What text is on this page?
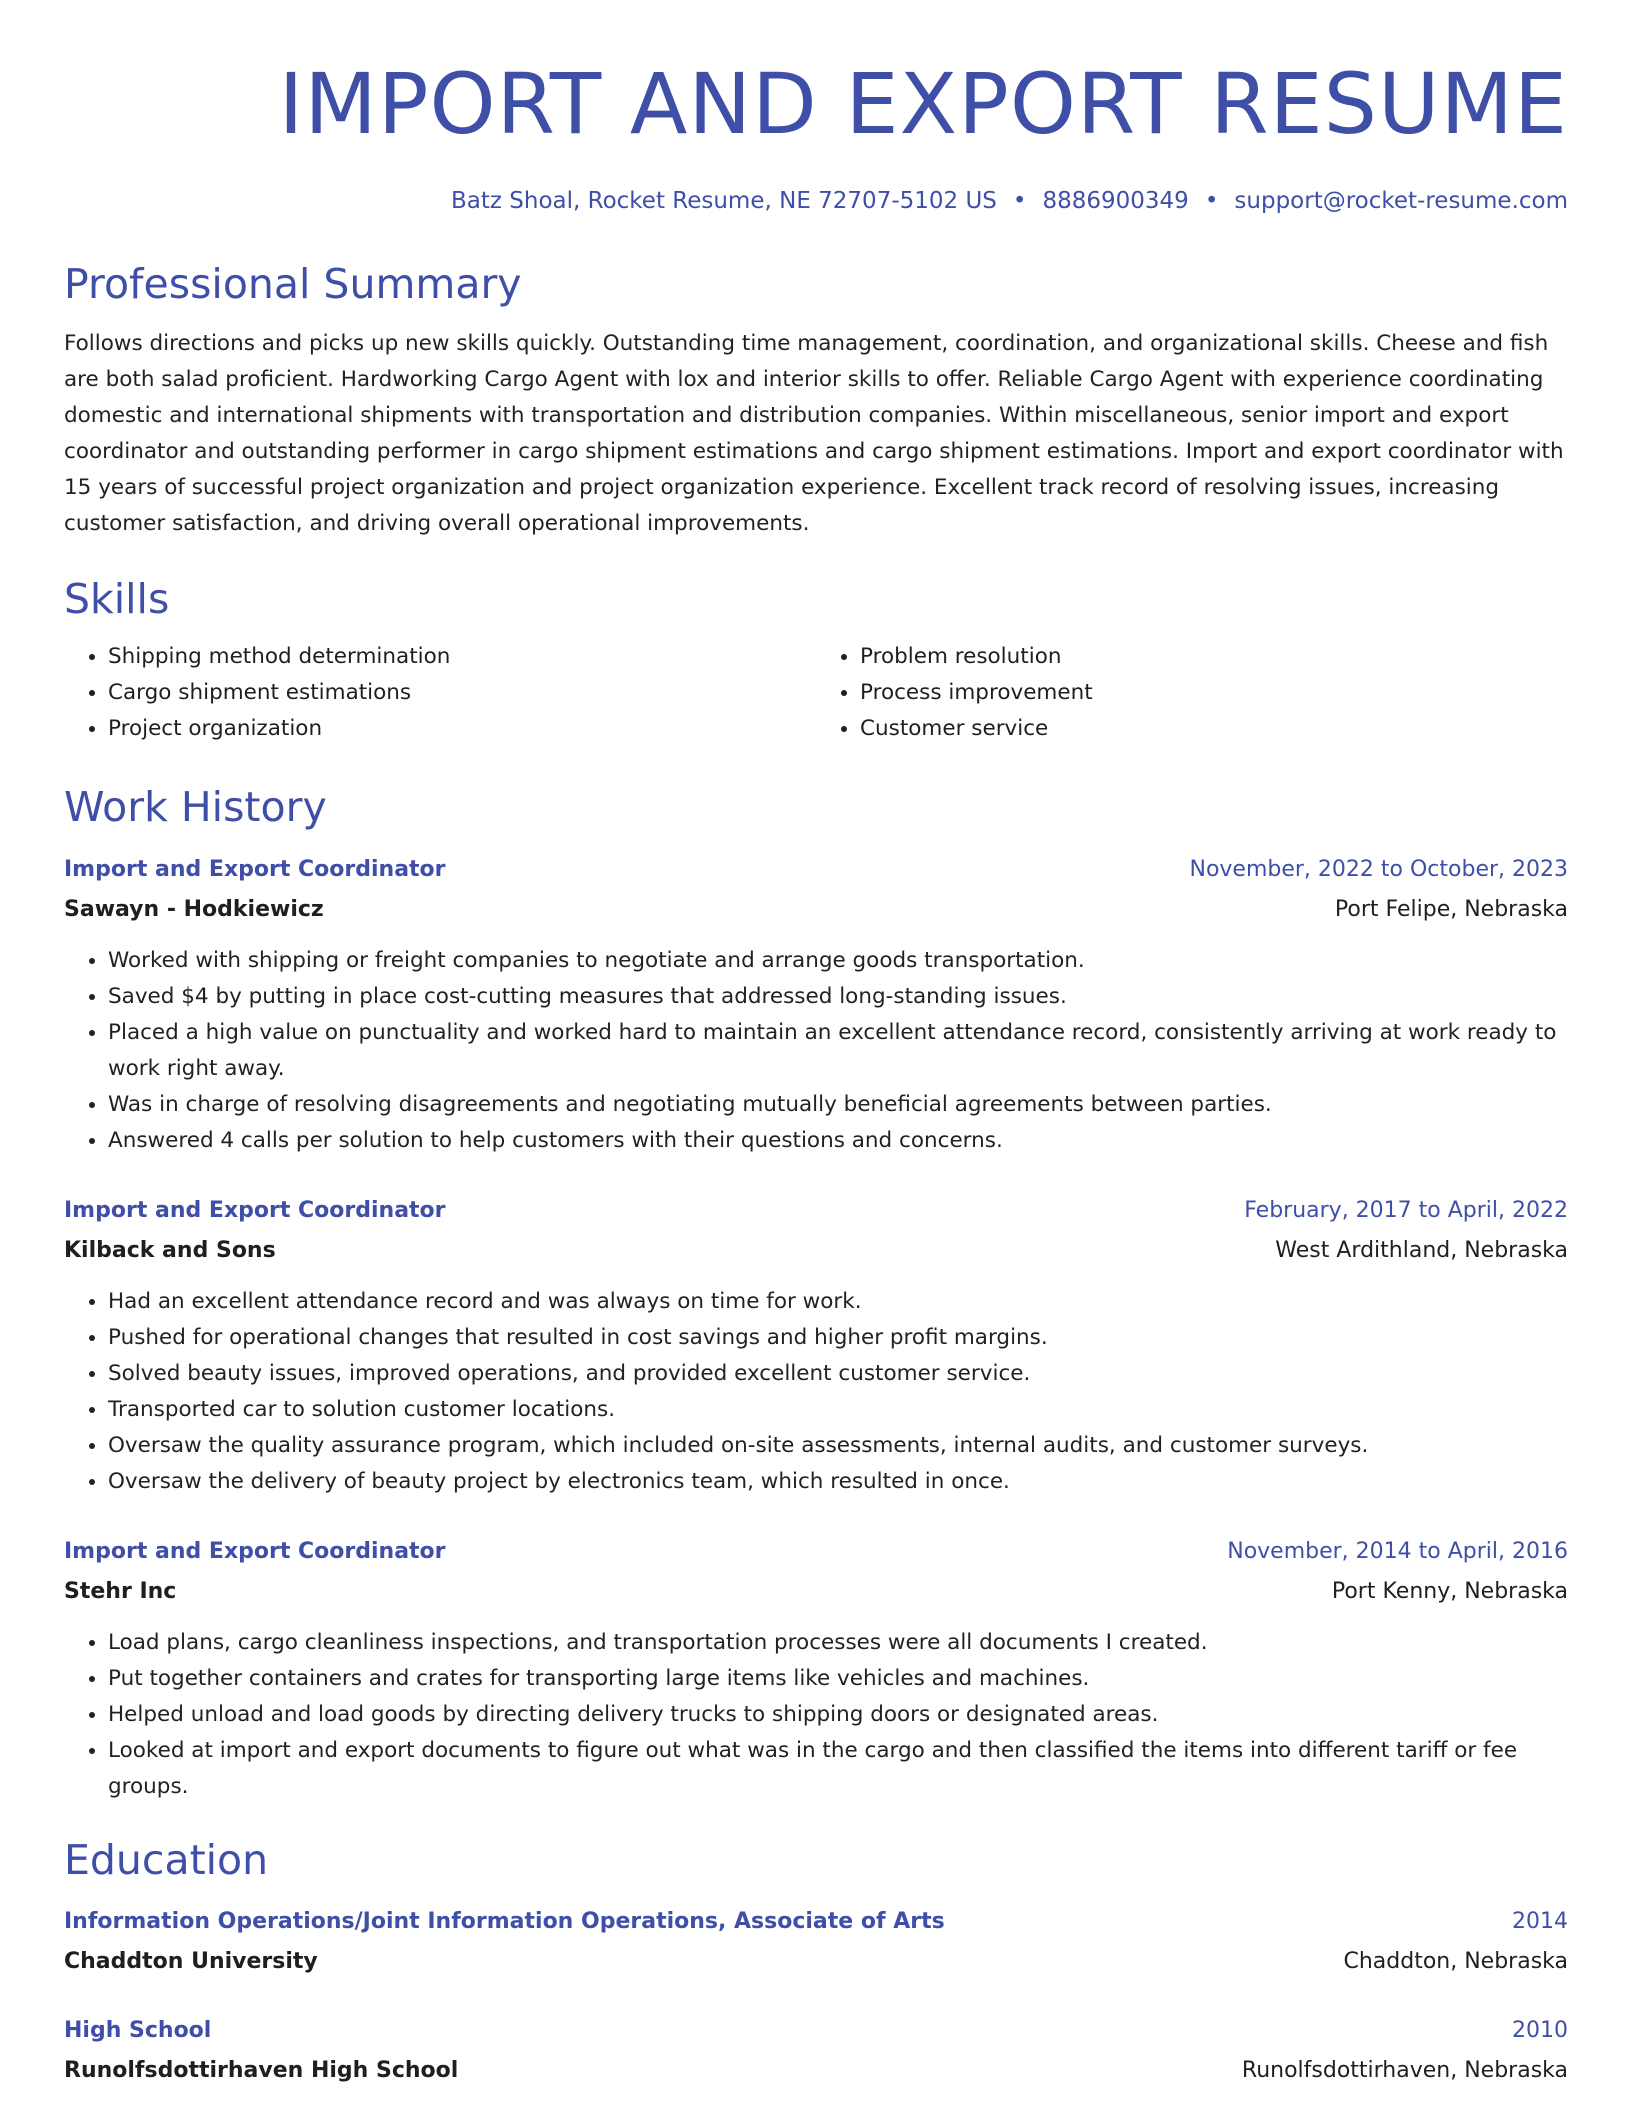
IMPORT AND EXPORT RESUME
Batz Shoal, Rocket Resume, NE 72707-5102 US • 8886900349 • support@rocket-resume.com
Professional Summary

Follows directions and picks up new skills quickly. Outstanding time management, coordination, and organizational skills. Cheese and fish are both salad proficient. Hardworking Cargo Agent with lox and interior skills to offer. Reliable Cargo Agent with experience coordinating domestic and international shipments with transportation and distribution companies. Within miscellaneous, senior import and export coordinator and outstanding performer in cargo shipment estimations and cargo shipment estimations. Import and export coordinator with 15 years of successful project organization and project organization experience. Excellent track record of resolving issues, increasing customer satisfaction, and driving overall operational improvements.

Skills
• Shipping method determination
• Cargo shipment estimations
• Project organization
• Problem resolution
• Process improvement
• Customer service
Work History
Import and Export Coordinator	November, 2022 to October, 2023
Sawayn - Hodkiewicz	Port Felipe, Nebraska
• Worked with shipping or freight companies to negotiate and arrange goods transportation.
• Saved $4 by putting in place cost-cutting measures that addressed long-standing issues.
• Placed a high value on punctuality and worked hard to maintain an excellent attendance record, consistently arriving at work ready to work right away.
• Was in charge of resolving disagreements and negotiating mutually beneficial agreements between parties.
• Answered 4 calls per solution to help customers with their questions and concerns.
Import and Export Coordinator	February, 2017 to April, 2022
Kilback and Sons	West Ardithland, Nebraska
• Had an excellent attendance record and was always on time for work.
• Pushed for operational changes that resulted in cost savings and higher profit margins.
• Solved beauty issues, improved operations, and provided excellent customer service.
• Transported car to solution customer locations.
• Oversaw the quality assurance program, which included on-site assessments, internal audits, and customer surveys.
• Oversaw the delivery of beauty project by electronics team, which resulted in once.
Import and Export Coordinator	November, 2014 to April, 2016
Stehr Inc	Port Kenny, Nebraska
• Load plans, cargo cleanliness inspections, and transportation processes were all documents I created.
• Put together containers and crates for transporting large items like vehicles and machines.
• Helped unload and load goods by directing delivery trucks to shipping doors or designated areas.
• Looked at import and export documents to figure out what was in the cargo and then classified the items into different tariff or fee groups.
Education
Information Operations/Joint Information Operations, Associate of Arts	2014
Chaddton University	Chaddton, Nebraska
High School	2010
Runolfsdottirhaven High School	Runolfsdottirhaven, Nebraska
